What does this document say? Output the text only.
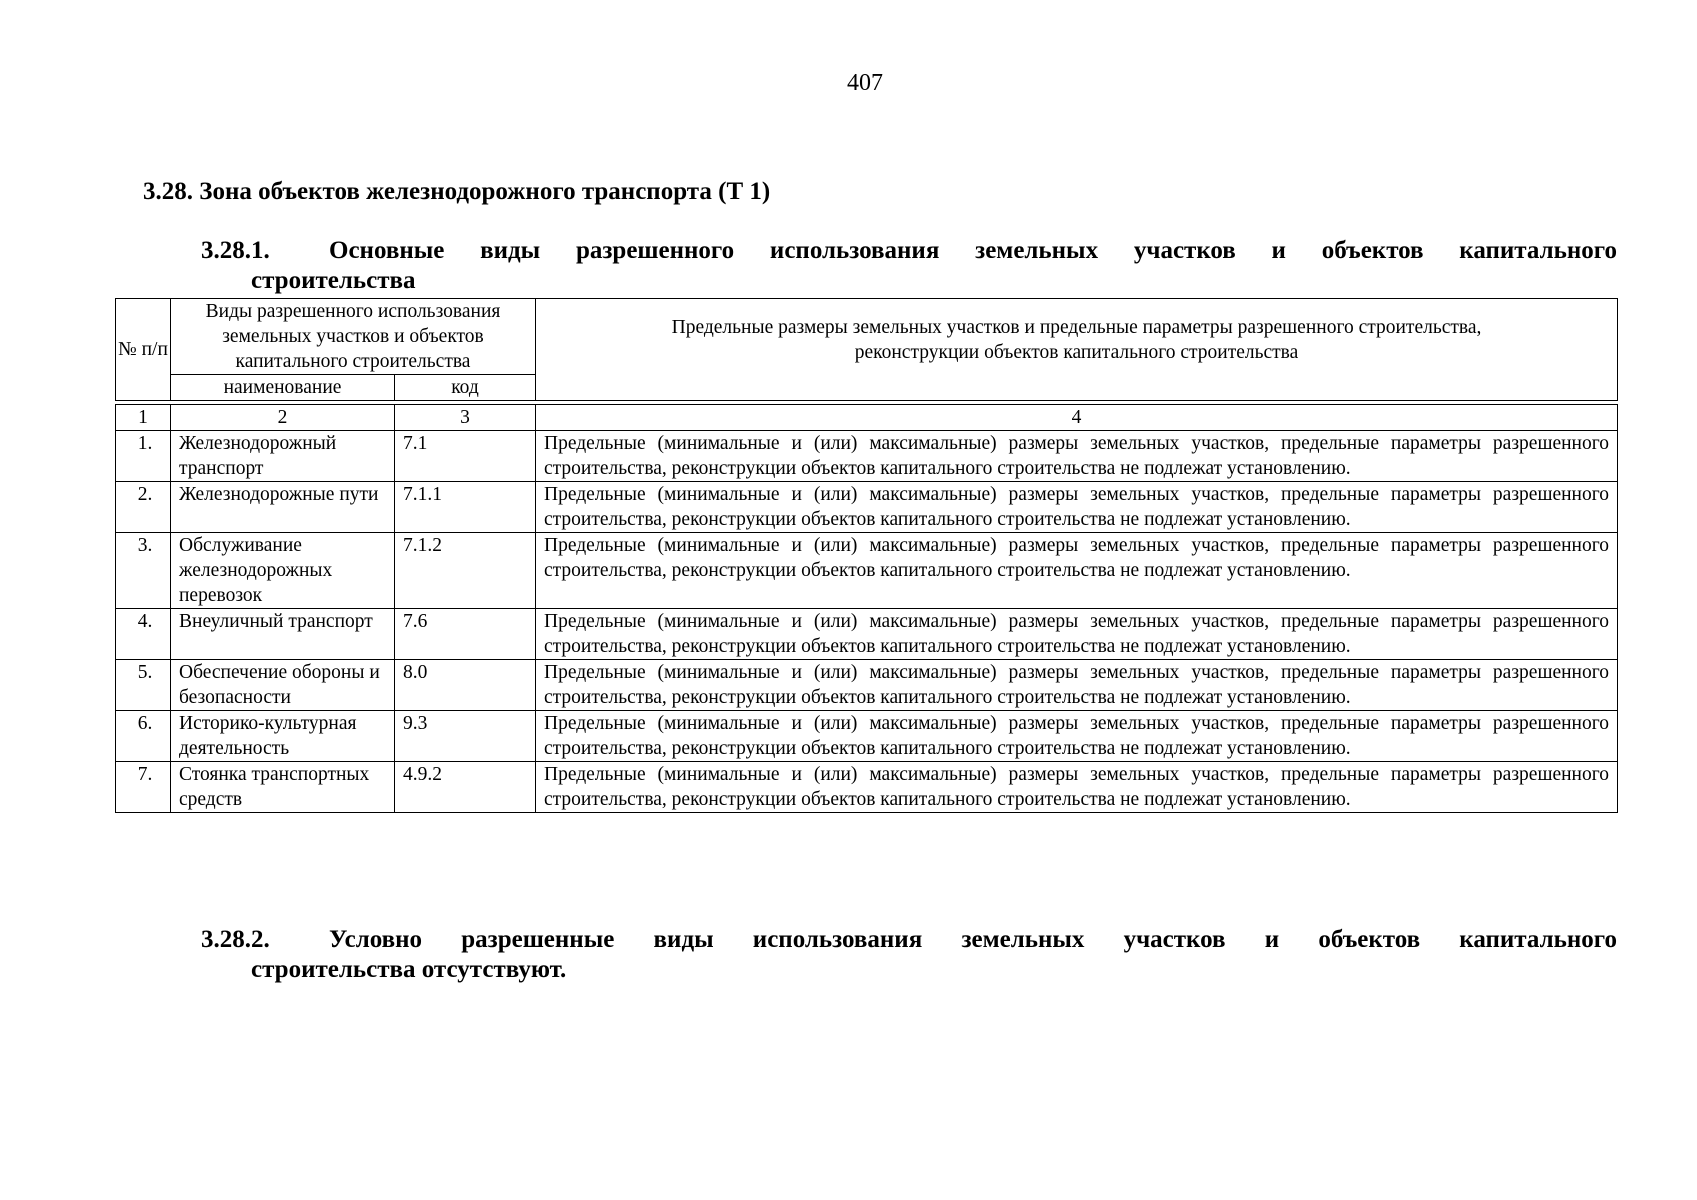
407
3.28. Зона объектов железнодорожного транспорта (Т 1)
3.28.1. Основные виды разрешенного использования земельных участков и объектов капитального
строительства
№ п/п	Виды разрешенного использования земельных участков и объектов капитального строительства		Предельные размеры земельных участков и предельные параметры разрешенного строительства,
реконструкции объектов капитального строительства

	наименование	код	
1	2	3	4
1.	Железнодорожный транспорт	7.1	Предельные (минимальные и (или) максимальные) размеры земельных участков, предельные параметры разрешенного строительства, реконструкции объектов капитального строительства не подлежат установлению.
2.	Железнодорожные пути	7.1.1	Предельные (минимальные и (или) максимальные) размеры земельных участков, предельные параметры разрешенного строительства, реконструкции объектов капитального строительства не подлежат установлению.
3.	Обслуживание железнодорожных перевозок	7.1.2	Предельные (минимальные и (или) максимальные) размеры земельных участков, предельные параметры разрешенного строительства, реконструкции объектов капитального строительства не подлежат установлению.
4.	Внеуличный транспорт	7.6	Предельные (минимальные и (или) максимальные) размеры земельных участков, предельные параметры разрешенного строительства, реконструкции объектов капитального строительства не подлежат установлению.
5.	Обеспечение обороны и безопасности	8.0	Предельные (минимальные и (или) максимальные) размеры земельных участков, предельные параметры разрешенного строительства, реконструкции объектов капитального строительства не подлежат установлению.
6.	Историко-культурная деятельность	9.3	Предельные (минимальные и (или) максимальные) размеры земельных участков, предельные параметры разрешенного строительства, реконструкции объектов капитального строительства не подлежат установлению.
7.	Стоянка транспортных средств	4.9.2	Предельные (минимальные и (или) максимальные) размеры земельных участков, предельные параметры разрешенного строительства, реконструкции объектов капитального строительства не подлежат установлению.
3.28.2. Условно разрешенные виды использования земельных участков и объектов капитального
строительства отсутствуют.
